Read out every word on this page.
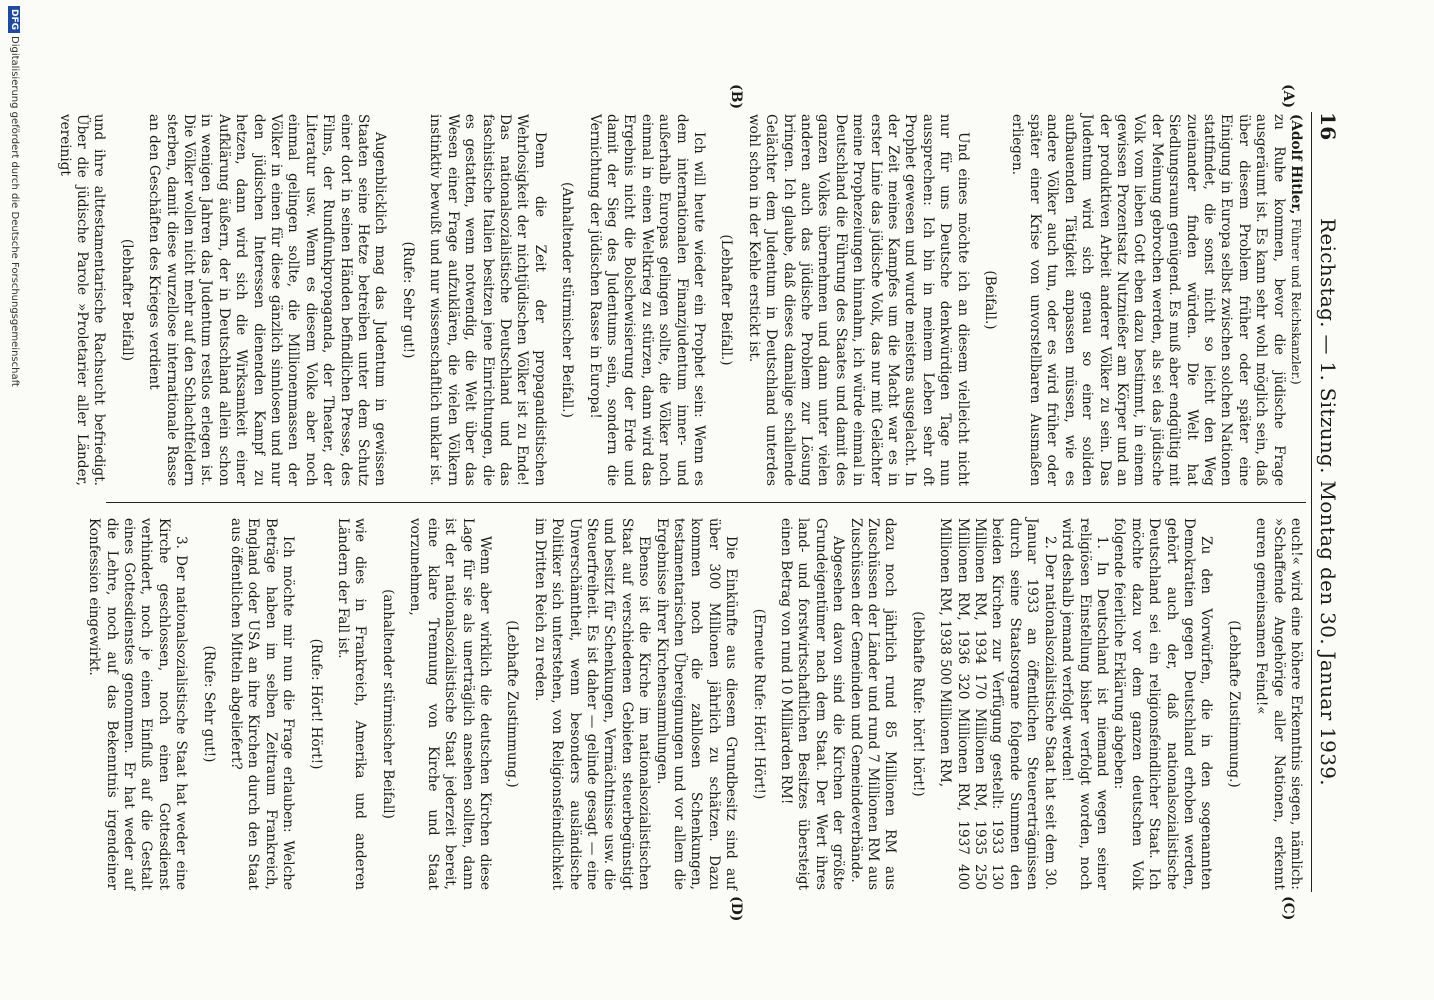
16
Reichstag. — 1. Sitzung. Montag den 30. Januar 1939.
(A)
(B)
(C)
(D)

(Adolf Hitler, Führer und Reichskanzler.)

zu Ruhe kommen, bevor die jüdische Frage ausgeräumt ist. Es kann sehr wohl möglich sein, daß über diesem Problem früher oder später eine Einigung in Europa selbst zwischen solchen Nationen stattfindet, die sonst nicht so leicht den Weg zueinander finden würden. Die Welt hat Siedlungsraum genügend. Es muß aber endgültig mit der Meinung gebrochen werden, als sei das jüdische Volk vom lieben Gott eben dazu bestimmt, in einem gewissen Prozentsatz Nutznießer am Körper und an der produktiven Arbeit anderer Völker zu sein. Das Judentum wird sich genau so einer soliden aufbauenden Tätigkeit anpassen müssen, wie es andere Völker auch tun, oder es wird früher oder später einer Krise von unvorstellbaren Ausmaßen erliegen.

(Beifall.)

Und eines möchte ich an diesem vielleicht nicht nur für uns Deutsche denkwürdigen Tage nun aussprechen: Ich bin in meinem Leben sehr oft Prophet gewesen und wurde meistens ausgelacht. In der Zeit meines Kampfes um die Macht war es in erster Linie das jüdische Volk, das nur mit Gelächter meine Prophezeiungen hinnahm, ich würde einmal in Deutschland die Führung des Staates und damit des ganzen Volkes übernehmen und dann unter vielen anderen auch das jüdische Problem zur Lösung bringen. Ich glaube, daß dieses damalige schallende Gelächter dem Judentum in Deutschland unterdes wohl schon in der Kehle erstickt ist.

(Lebhafter Beifall.)

Ich will heute wieder ein Prophet sein: Wenn es dem internationalen Finanzjudentum inner- und außerhalb Europas gelingen sollte, die Völker noch einmal in einen Weltkrieg zu stürzen, dann wird das Ergebnis nicht die Bolschewisierung der Erde und damit der Sieg des Judentums sein, sondern die Vernichtung der jüdischen Rasse in Europa!

(Anhaltender stürmischer Beifall.)

Denn die Zeit der propagandistischen Wehrlosigkeit der nichtjüdischen Völker ist zu Ende! Das nationalsozialistische Deutschland und das faschistische Italien besitzen jene Einrichtungen, die es gestatten, wenn notwendig, die Welt über das Wesen einer Frage aufzuklären, die vielen Völkern instinktiv bewußt und nur wissenschaftlich unklar ist.

(Rufe: Sehr gut!)

Augenblicklich mag das Judentum in gewissen Staaten seine Hetze betreiben unter dem Schutz einer dort in seinen Händen befindlichen Presse, des Films, der Rundfunkpropaganda, der Theater, der Literatur usw. Wenn es diesem Volke aber noch einmal gelingen sollte, die Millionenmassen der Völker in einen für diese gänzlich sinnlosen und nur den jüdischen Interessen dienenden Kampf zu hetzen, dann wird sich die Wirksamkeit einer Aufklärung äußern, der in Deutschland allein schon in wenigen Jahren das Judentum restlos erlegen ist. Die Völker wollen nicht mehr auf den Schlachtfeldern sterben, damit diese wurzellose internationale Rasse an den Geschäften des Krieges verdient

(lebhafter Beifall)

und ihre alttestamentarische Rachsucht befriedigt. Über die jüdische Parole »Proletarier aller Länder, vereinigt

euch!« wird eine höhere Erkenntnis siegen, nämlich: »Schaffende Angehörige aller Nationen, erkennt euren gemeinsamen Feind!«

(Lebhafte Zustimmung.)

Zu den Vorwürfen, die in den sogenannten Demokratien gegen Deutschland erhoben werden, gehört auch der, daß nationalsozialistische Deutschland sei ein religionsfeindlicher Staat. Ich möchte dazu vor dem ganzen deutschen Volk folgende feierliche Erklärung abgeben:

1. In Deutschland ist niemand wegen seiner religiösen Einstellung bisher verfolgt worden, noch wird deshalb jemand verfolgt werden!

2. Der nationalsozialistische Staat hat seit dem 30. Januar 1933 an öffentlichen Steuererträgnissen durch seine Staatsorgane folgende Summen den beiden Kirchen zur Verfügung gestellt: 1933 130 Millionen RM, 1934 170 Millionen RM, 1935 250 Millionen RM, 1936 320 Millionen RM, 1937 400 Millionen RM, 1938 500 Millionen RM,

(lebhafte Rufe: hört! hört!)

dazu noch jährlich rund 85 Millionen RM aus Zuschüssen der Länder und rund 7 Millionen RM aus Zuschüssen der Gemeinden und Gemeindeverbände.

Abgesehen davon sind die Kirchen der größte Grundeigentümer nach dem Staat. Der Wert ihres land- und forstwirtschaftlichen Besitzes übersteigt einen Betrag von rund 10 Milliarden RM!

(Erneute Rufe: Hört! Hört!)

Die Einkünfte aus diesem Grundbesitz sind auf über 300 Millionen jährlich zu schätzen. Dazu kommen noch die zahllosen Schenkungen, testamentarischen Übereignungen und vor allem die Ergebnisse ihrer Kirchensammlungen.

Ebenso ist die Kirche im nationalsozialistischen Staat auf verschiedenen Gebieten steuerbegünstigt und besitzt für Schenkungen, Vermächtnisse usw. die Steuerfreiheit. Es ist daher — gelinde gesagt — eine Unverschämtheit, wenn besonders ausländische Politiker sich unterstehen, von Religionsfeindlichkeit im Dritten Reich zu reden.

(Lebhafte Zustimmung.)

Wenn aber wirklich die deutschen Kirchen diese Lage für sie als unerträglich ansehen sollten, dann ist der nationalsozialistische Staat jederzeit bereit, eine klare Trennung von Kirche und Staat vorzunehmen,

(anhaltender stürmischer Beifall)

wie dies in Frankreich, Amerika und anderen Ländern der Fall ist.

(Rufe: Hört! Hört!)

Ich möchte mir nun die Frage erlauben: Welche Beträge haben im selben Zeitraum Frankreich, England oder USA an ihre Kirchen durch den Staat aus öffentlichen Mitteln abgeliefert?

(Rufe: Sehr gut!)

3. Der nationalsozialistische Staat hat weder eine Kirche geschlossen, noch einen Gottesdienst verhindert, noch je einen Einfluß auf die Gestalt eines Gottesdienstes genommen. Er hat weder auf die Lehre, noch auf das Bekenntnis irgendeiner Konfession eingewirkt.

DFG
Digitalisierung gefördert durch die Deutsche Forschungsgemeinschaft
